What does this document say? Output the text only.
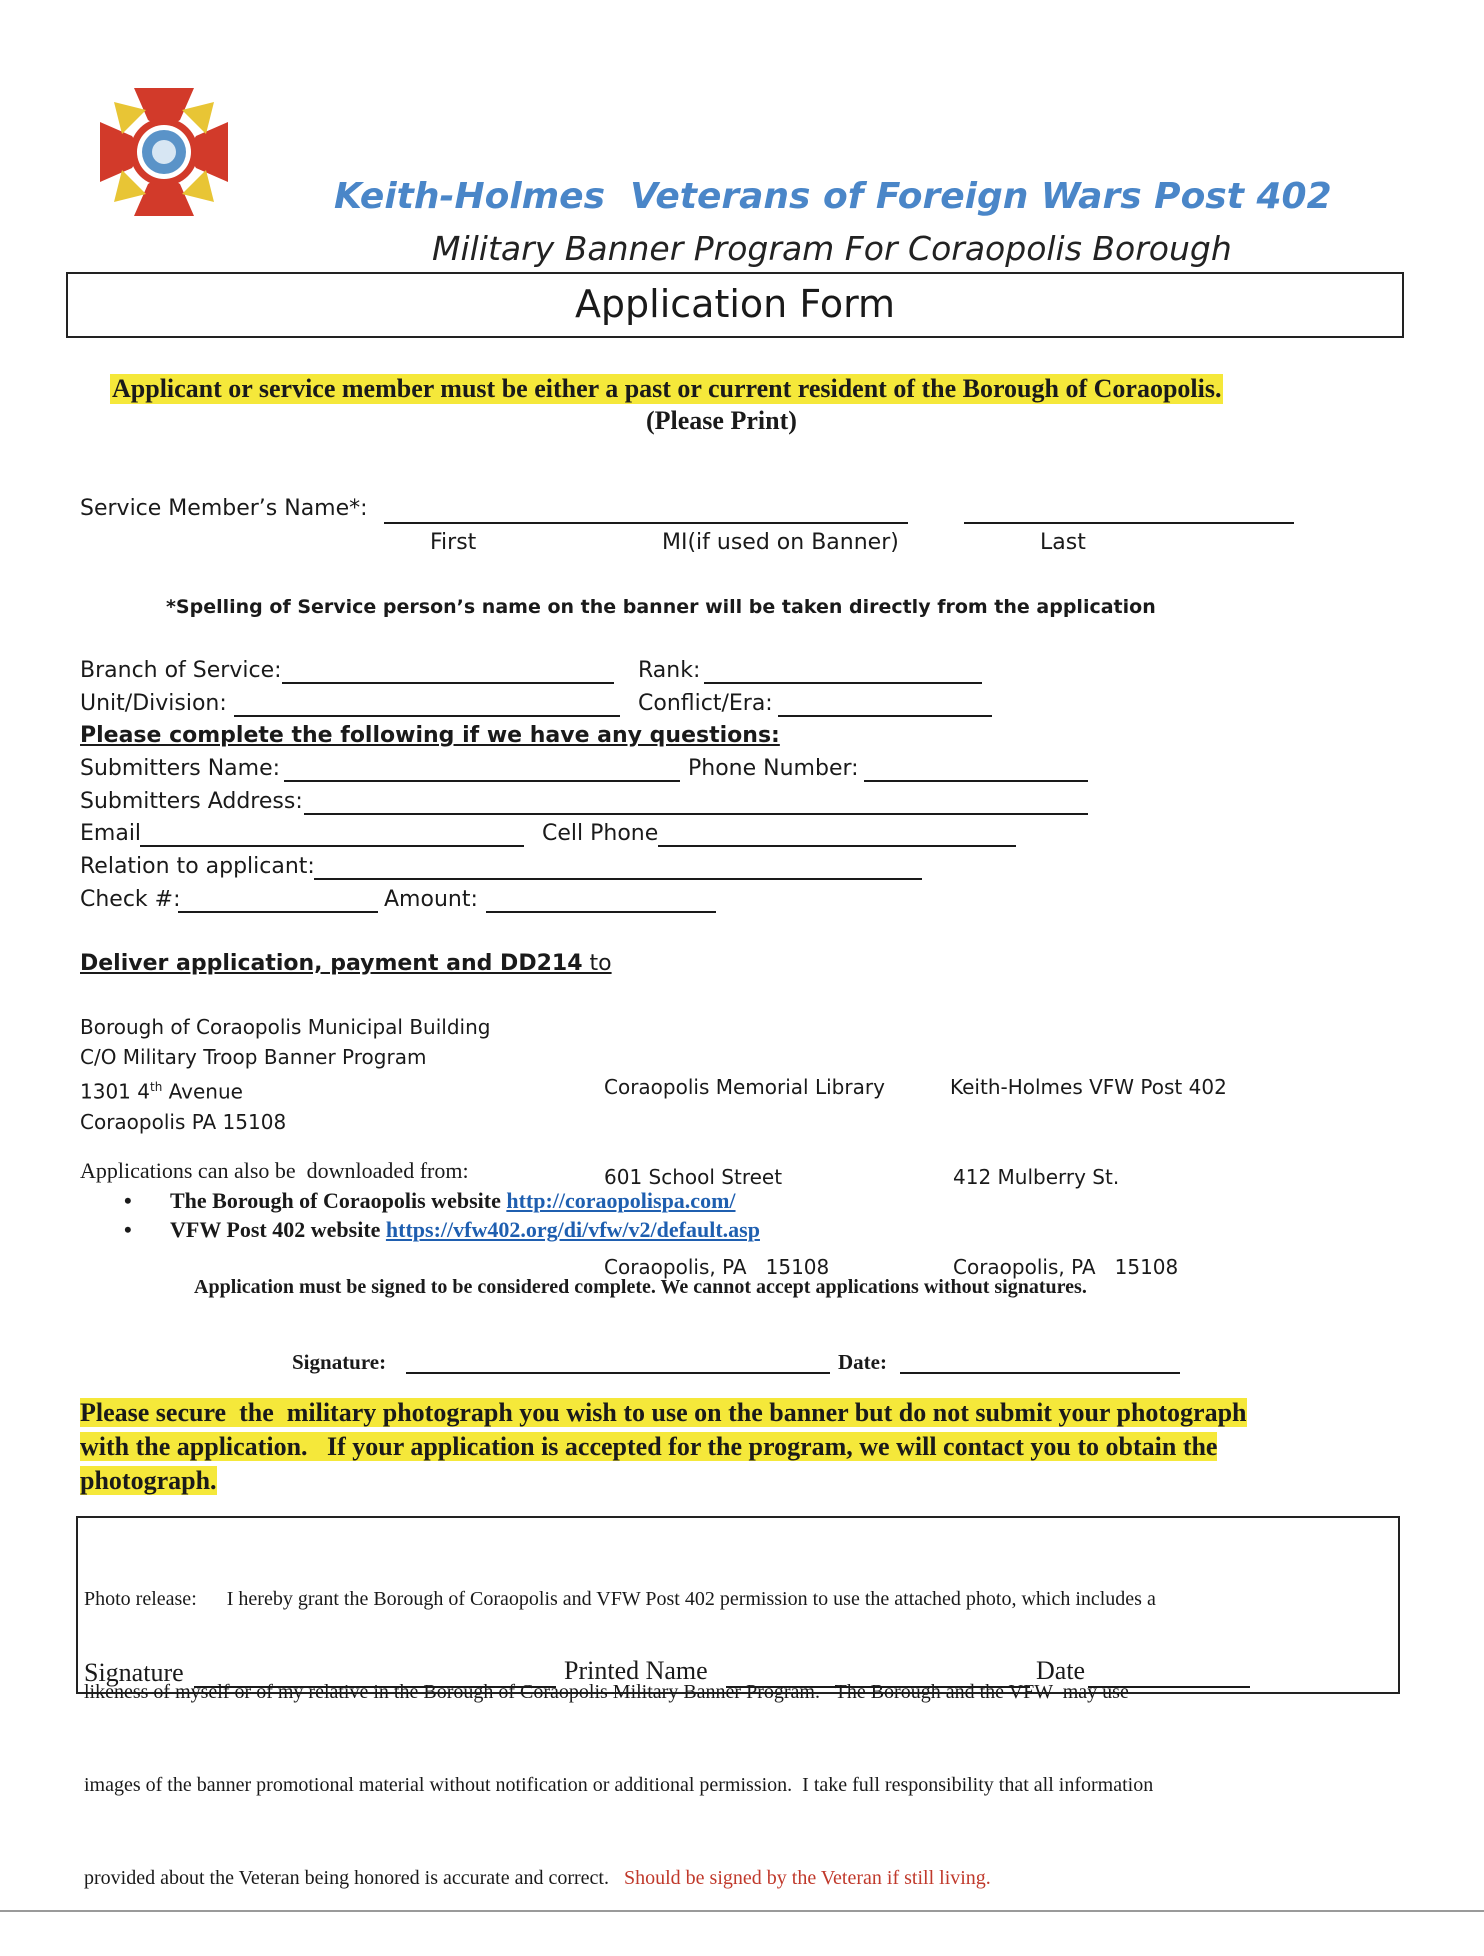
Keith-Holmes  Veterans of Foreign Wars Post 402
Military Banner Program For Coraopolis Borough
Application Form
Applicant or service member must be either a past or current resident of the Borough of Coraopolis.
(Please Print)
Service Member’s Name*:
First	MI(if used on Banner)	Last
*Spelling of Service person’s name on the banner will be taken directly from the application
Branch of Service:	Rank:
Unit/Division:	Conflict/Era:
Please complete the following if we have any questions:
Submitters Name:	Phone Number:
Submitters Address:
Email	Cell Phone
Relation to applicant:
Check #:	Amount:
Deliver application, payment and DD214 to
Borough of Coraopolis Municipal Building
C/O Military Troop Banner Program
1301 4th Avenue
Coraopolis PA 15108

Coraopolis Memorial Library

601 School Street

Coraopolis, PA   15108

Keith-Holmes VFW Post 402

412 Mulberry St.

Coraopolis, PA   15108

Applications can also be  downloaded from:
• The Borough of Coraopolis website http://coraopolispa.com/
• VFW Post 402 website https://vfw402.org/di/vfw/v2/default.asp
Application must be signed to be considered complete. We cannot accept applications without signatures.
Signature:	Date:
Please secure  the  military photograph you wish to use on the banner but do not submit your photograph
with the application.   If your application is accepted for the program, we will contact you to obtain the
photograph.

Photo release:      I hereby grant the Borough of Coraopolis and VFW Post 402 permission to use the attached photo, which includes a

likeness of myself or of my relative in the Borough of Coraopolis Military Banner Program.   The Borough and the VFW  may use

images of the banner promotional material without notification or additional permission.  I take full responsibility that all information

provided about the Veteran being honored is accurate and correct. Should be signed by the Veteran if still living.

Signature	Printed Name	Date
